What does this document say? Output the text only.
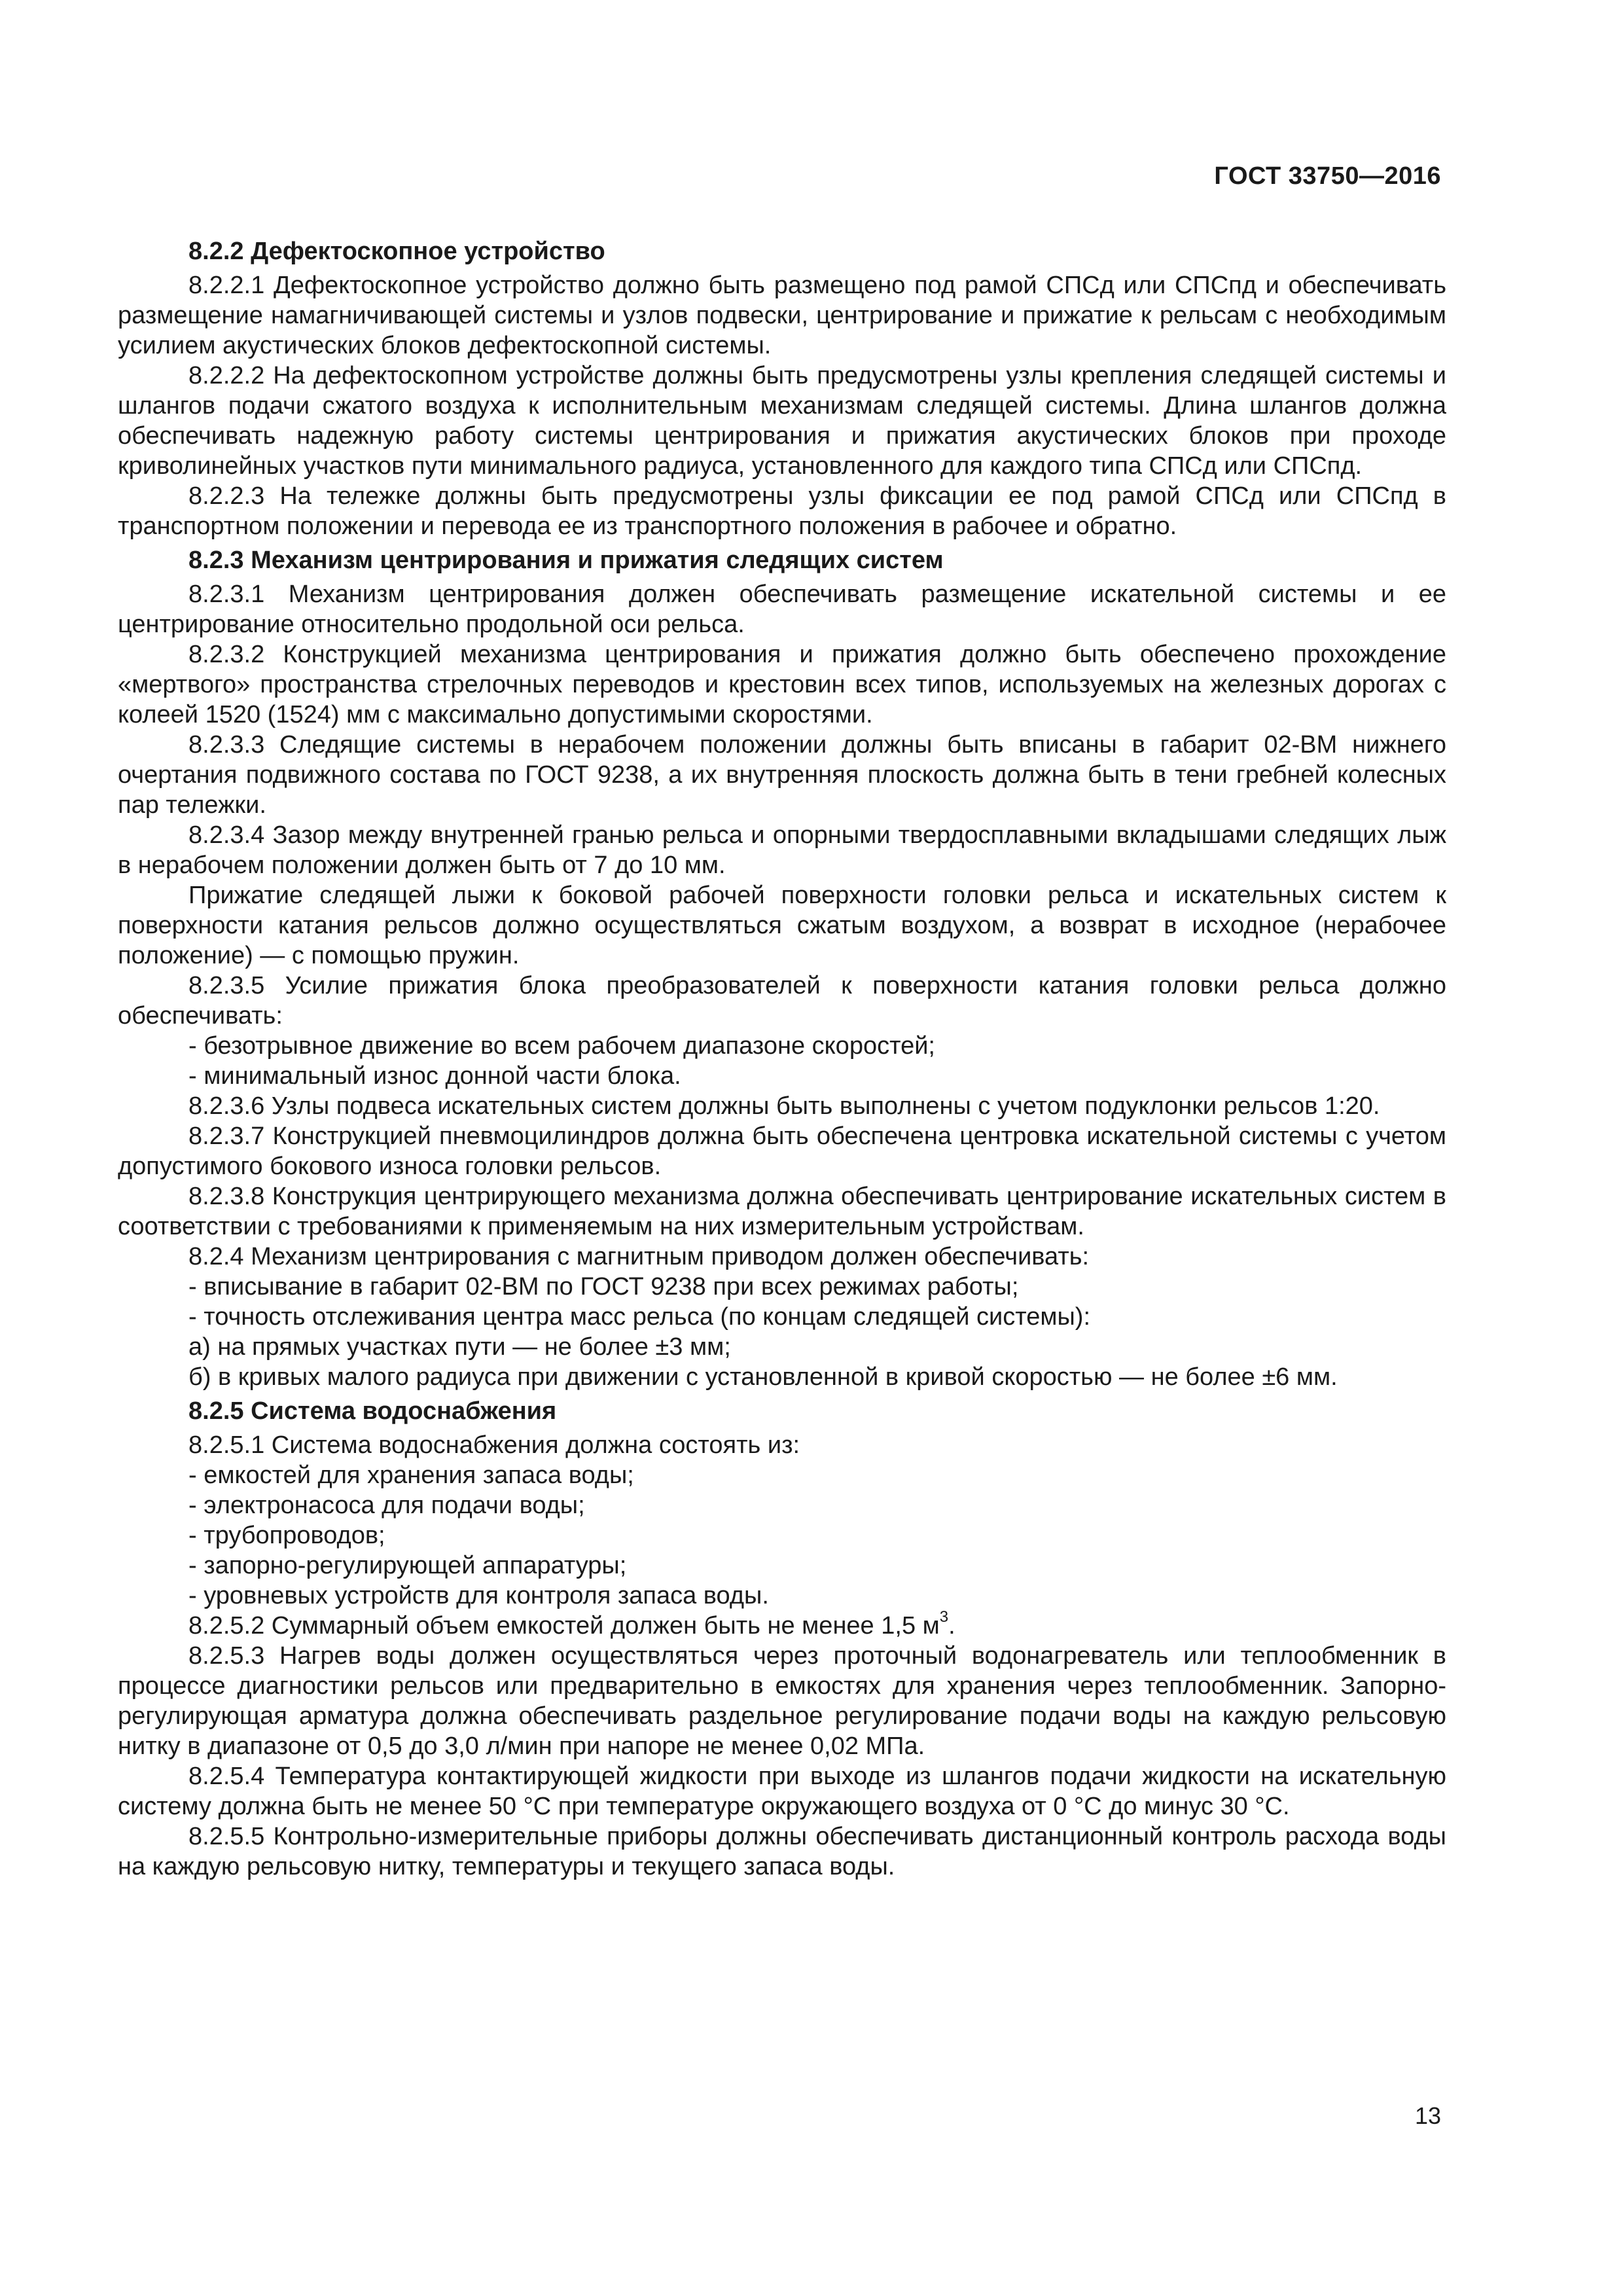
ГОСТ 33750—2016

8.2.2 Дефектоскопное устройство

8.2.2.1 Дефектоскопное устройство должно быть размещено под рамой СПСд или СПСпд и обеспечивать размещение намагничивающей системы и узлов подвески, центрирование и прижатие к рельсам с необходимым усилием акустических блоков дефектоскопной системы.

8.2.2.2 На дефектоскопном устройстве должны быть предусмотрены узлы крепления следящей системы и шлангов подачи сжатого воздуха к исполнительным механизмам следящей системы. Длина шлангов должна обеспечивать надежную работу системы центрирования и прижатия акустических блоков при проходе криволинейных участков пути минимального радиуса, установленного для каждого типа СПСд или СПСпд.

8.2.2.3 На тележке должны быть предусмотрены узлы фиксации ее под рамой СПСд или СПСпд в транспортном положении и перевода ее из транспортного положения в рабочее и обратно.

8.2.3 Механизм центрирования и прижатия следящих систем

8.2.3.1 Механизм центрирования должен обеспечивать размещение искательной системы и ее центрирование относительно продольной оси рельса.

8.2.3.2 Конструкцией механизма центрирования и прижатия должно быть обеспечено прохождение «мертвого» пространства стрелочных переводов и крестовин всех типов, используемых на железных дорогах с колеей 1520 (1524) мм с максимально допустимыми скоростями.

8.2.3.3 Следящие системы в нерабочем положении должны быть вписаны в габарит 02-ВМ нижнего очертания подвижного состава по ГОСТ 9238, а их внутренняя плоскость должна быть в тени гребней колесных пар тележки.

8.2.3.4 Зазор между внутренней гранью рельса и опорными твердосплавными вкладышами следящих лыж в нерабочем положении должен быть от 7 до 10 мм.

Прижатие следящей лыжи к боковой рабочей поверхности головки рельса и искательных систем к поверхности катания рельсов должно осуществляться сжатым воздухом, а возврат в исходное (нерабочее положение) — с помощью пружин.

8.2.3.5 Усилие прижатия блока преобразователей к поверхности катания головки рельса должно обеспечивать:

- безотрывное движение во всем рабочем диапазоне скоростей;

- минимальный износ донной части блока.

8.2.3.6 Узлы подвеса искательных систем должны быть выполнены с учетом подуклонки рельсов 1:20.

8.2.3.7 Конструкцией пневмоцилиндров должна быть обеспечена центровка искательной системы с учетом допустимого бокового износа головки рельсов.

8.2.3.8 Конструкция центрирующего механизма должна обеспечивать центрирование искательных систем в соответствии с требованиями к применяемым на них измерительным устройствам.

8.2.4 Механизм центрирования с магнитным приводом должен обеспечивать:

- вписывание в габарит 02-ВМ по ГОСТ 9238 при всех режимах работы;

- точность отслеживания центра масс рельса (по концам следящей системы):

а) на прямых участках пути — не более ±3 мм;

б) в кривых малого радиуса при движении с установленной в кривой скоростью — не более ±6 мм.

8.2.5 Система водоснабжения

8.2.5.1 Система водоснабжения должна состоять из:

- емкостей для хранения запаса воды;

- электронасоса для подачи воды;

- трубопроводов;

- запорно-регулирующей аппаратуры;

- уровневых устройств для контроля запаса воды.

8.2.5.2 Суммарный объем емкостей должен быть не менее 1,5 $м^3$.

8.2.5.3 Нагрев воды должен осуществляться через проточный водонагреватель или теплообменник в процессе диагностики рельсов или предварительно в емкостях для хранения через теплообменник. Запорно-регулирующая арматура должна обеспечивать раздельное регулирование подачи воды на каждую рельсовую нитку в диапазоне от 0,5 до 3,0 л/мин при напоре не менее 0,02 МПа.

8.2.5.4 Температура контактирующей жидкости при выходе из шлангов подачи жидкости на искательную систему должна быть не менее 50 °С при температуре окружающего воздуха от 0 °С до минус 30 °С.

8.2.5.5 Контрольно-измерительные приборы должны обеспечивать дистанционный контроль расхода воды на каждую рельсовую нитку, температуры и текущего запаса воды.

13
